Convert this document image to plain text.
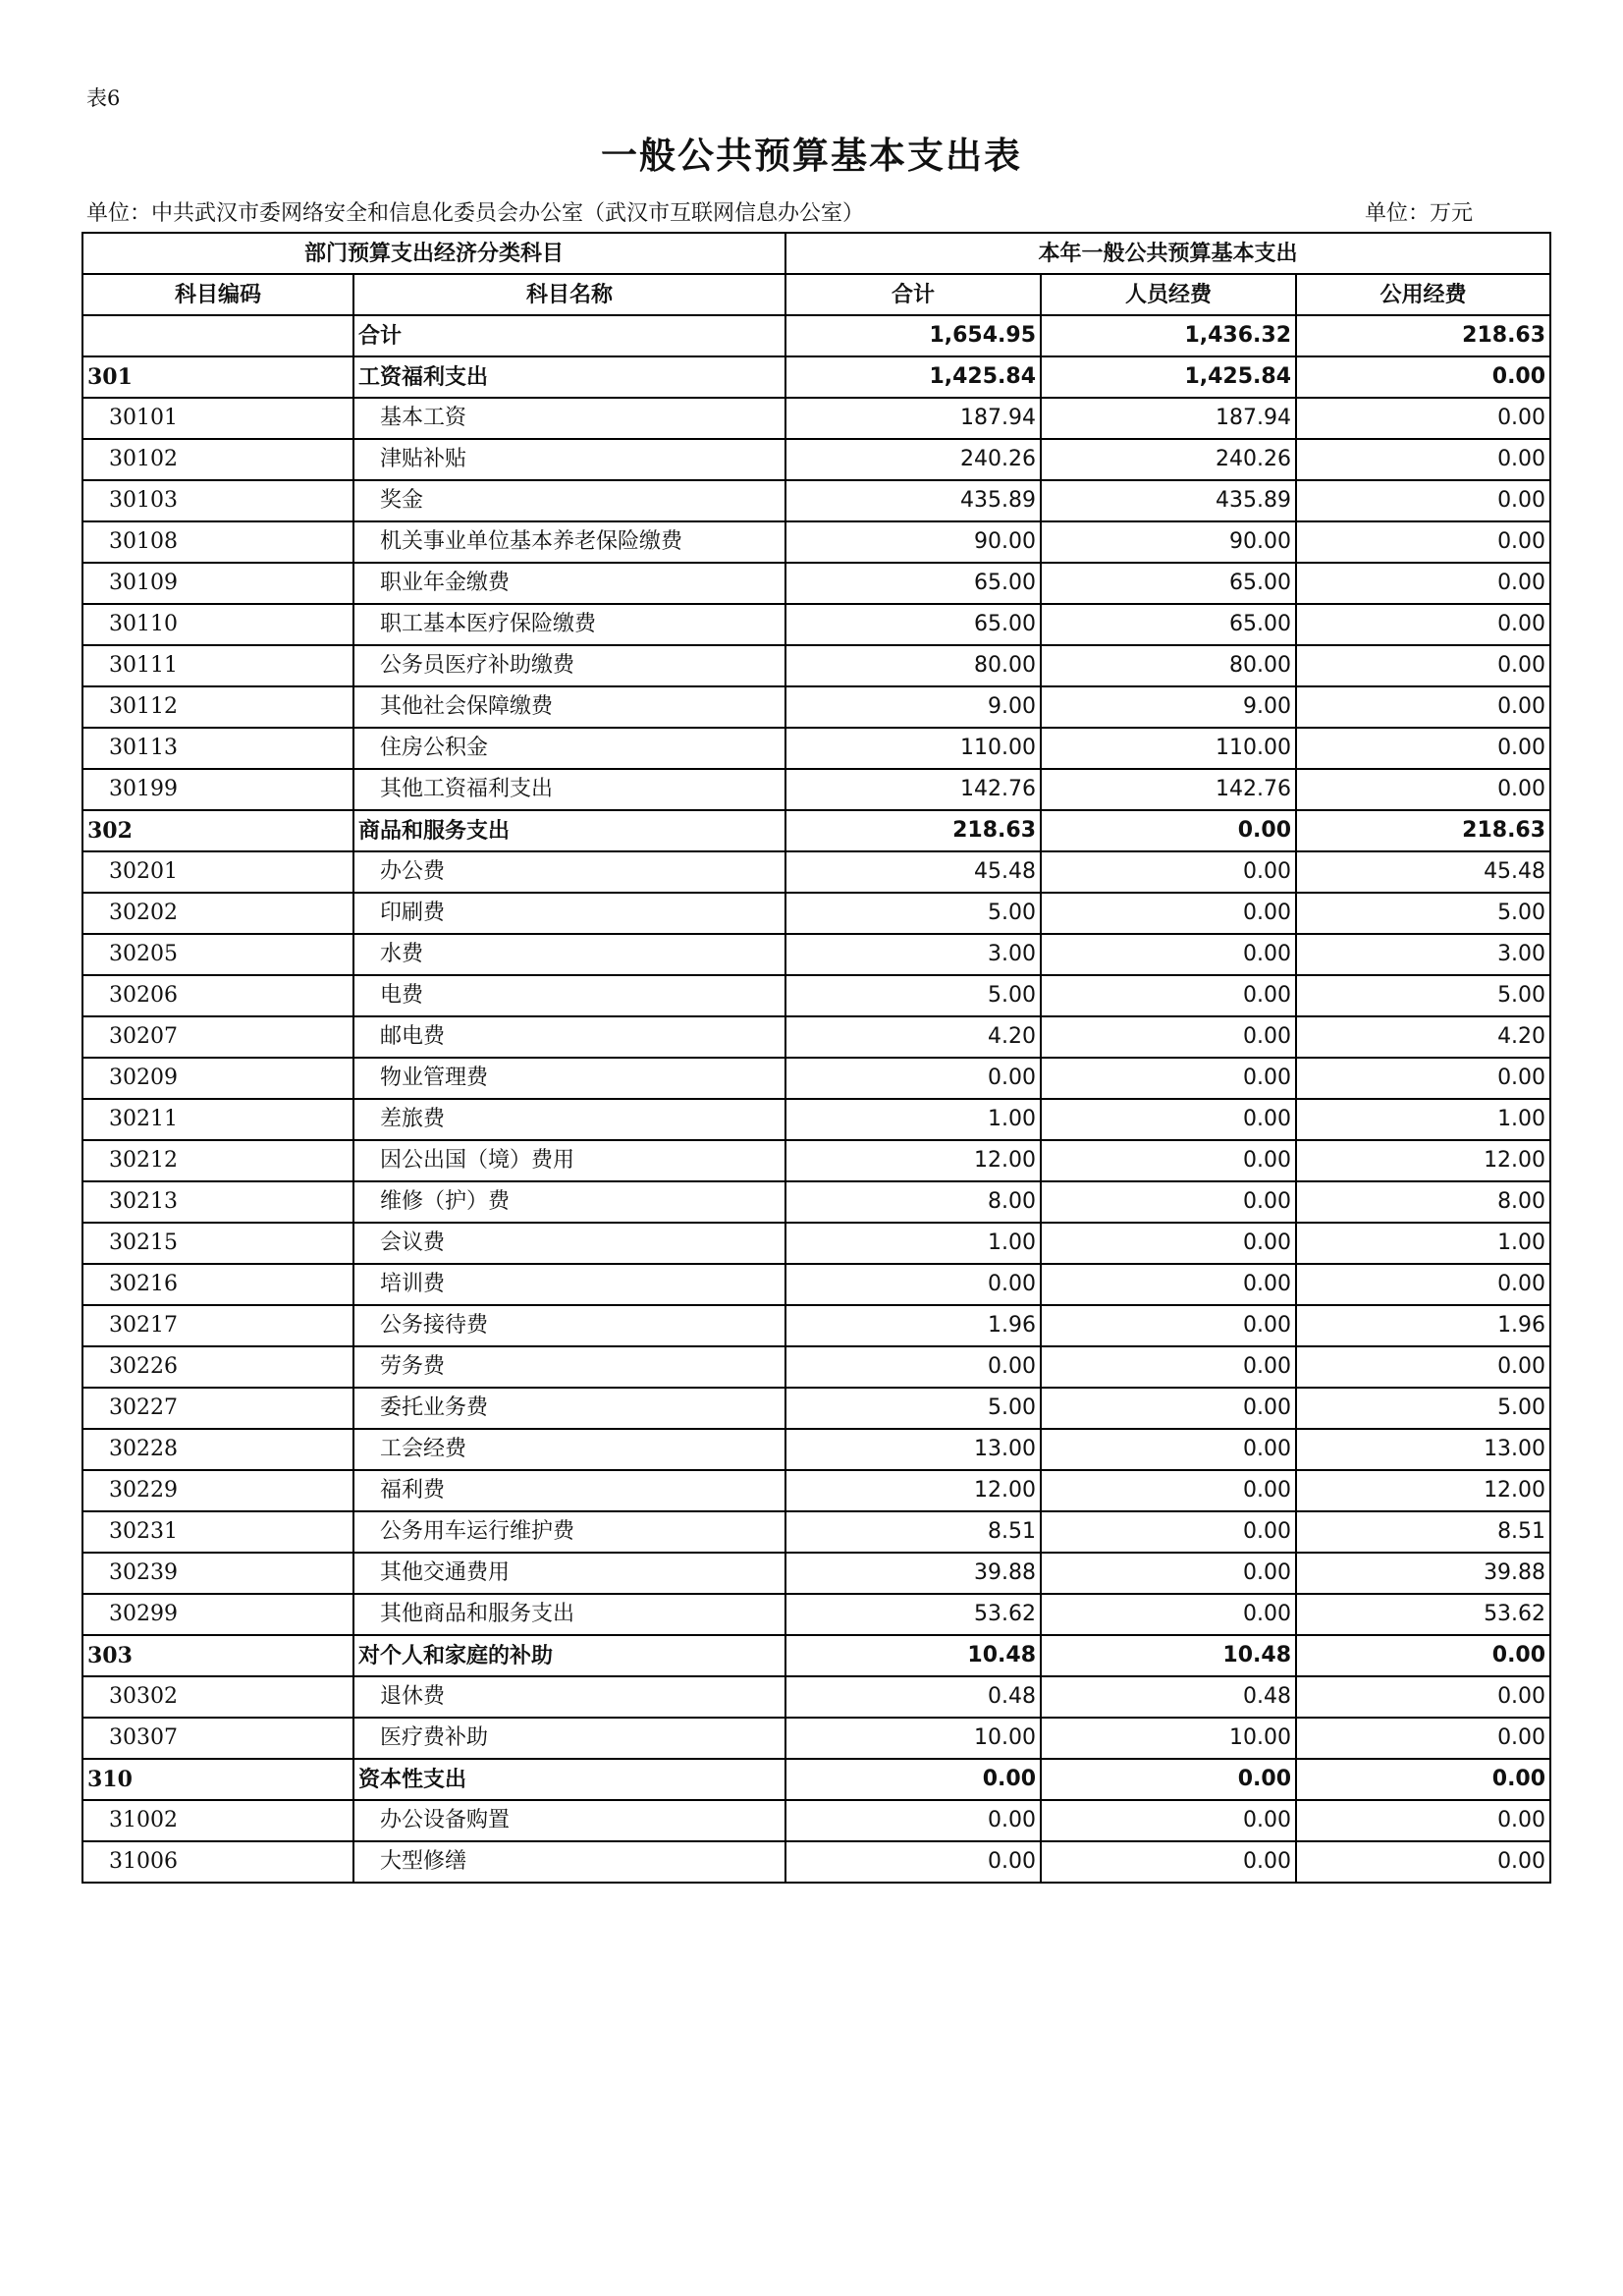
表6
一般公共预算基本支出表
单位：中共武汉市委网络安全和信息化委员会办公室（武汉市互联网信息办公室）	单位：万元
部门预算支出经济分类科目		本年一般公共预算基本支出		
科目编码	科目名称	合计	人员经费	公用经费
	合计	1,654.95	1,436.32	218.63
301	工资福利支出	1,425.84	1,425.84	0.00
30101	基本工资	187.94	187.94	0.00
30102	津贴补贴	240.26	240.26	0.00
30103	奖金	435.89	435.89	0.00
30108	机关事业单位基本养老保险缴费	90.00	90.00	0.00
30109	职业年金缴费	65.00	65.00	0.00
30110	职工基本医疗保险缴费	65.00	65.00	0.00
30111	公务员医疗补助缴费	80.00	80.00	0.00
30112	其他社会保障缴费	9.00	9.00	0.00
30113	住房公积金	110.00	110.00	0.00
30199	其他工资福利支出	142.76	142.76	0.00
302	商品和服务支出	218.63	0.00	218.63
30201	办公费	45.48	0.00	45.48
30202	印刷费	5.00	0.00	5.00
30205	水费	3.00	0.00	3.00
30206	电费	5.00	0.00	5.00
30207	邮电费	4.20	0.00	4.20
30209	物业管理费	0.00	0.00	0.00
30211	差旅费	1.00	0.00	1.00
30212	因公出国（境）费用	12.00	0.00	12.00
30213	维修（护）费	8.00	0.00	8.00
30215	会议费	1.00	0.00	1.00
30216	培训费	0.00	0.00	0.00
30217	公务接待费	1.96	0.00	1.96
30226	劳务费	0.00	0.00	0.00
30227	委托业务费	5.00	0.00	5.00
30228	工会经费	13.00	0.00	13.00
30229	福利费	12.00	0.00	12.00
30231	公务用车运行维护费	8.51	0.00	8.51
30239	其他交通费用	39.88	0.00	39.88
30299	其他商品和服务支出	53.62	0.00	53.62
303	对个人和家庭的补助	10.48	10.48	0.00
30302	退休费	0.48	0.48	0.00
30307	医疗费补助	10.00	10.00	0.00
310	资本性支出	0.00	0.00	0.00
31002	办公设备购置	0.00	0.00	0.00
31006	大型修缮	0.00	0.00	0.00
